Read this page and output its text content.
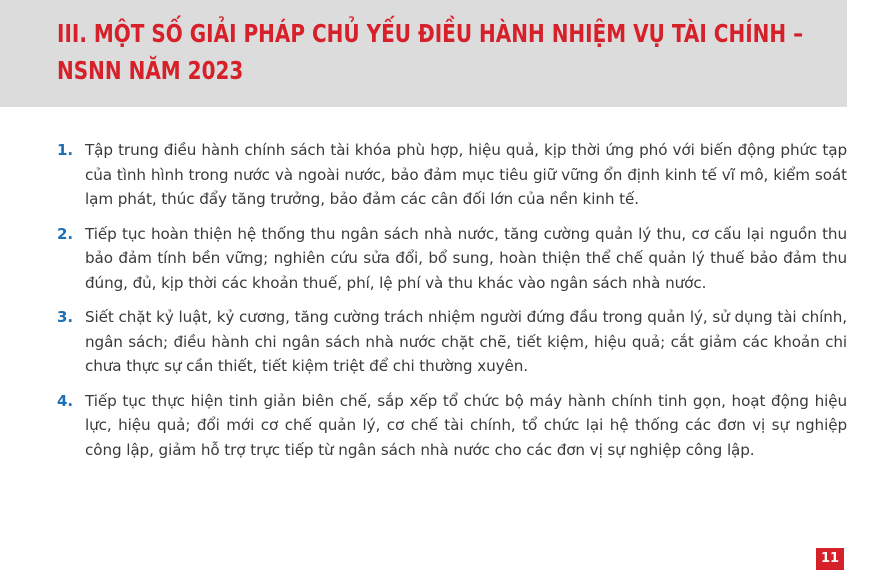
III. MỘT SỐ GIẢI PHÁP CHỦ YẾU ĐIỀU HÀNH NHIỆM VỤ TÀI CHÍNH – NSNN NĂM 2023
1. Tập trung điều hành chính sách tài khóa phù hợp, hiệu quả, kịp thời ứng phó với biến động phức tạp của tình hình trong nước và ngoài nước, bảo đảm mục tiêu giữ vững ổn định kinh tế vĩ mô, kiểm soát lạm phát, thúc đẩy tăng trưởng, bảo đảm các cân đối lớn của nền kinh tế.
2. Tiếp tục hoàn thiện hệ thống thu ngân sách nhà nước, tăng cường quản lý thu, cơ cấu lại nguồn thu bảo đảm tính bền vững; nghiên cứu sửa đổi, bổ sung, hoàn thiện thể chế quản lý thuế bảo đảm thu đúng, đủ, kịp thời các khoản thuế, phí, lệ phí và thu khác vào ngân sách nhà nước.
3. Siết chặt kỷ luật, kỷ cương, tăng cường trách nhiệm người đứng đầu trong quản lý, sử dụng tài chính, ngân sách; điều hành chi ngân sách nhà nước chặt chẽ, tiết kiệm, hiệu quả; cắt giảm các khoản chi chưa thực sự cần thiết, tiết kiệm triệt để chi thường xuyên.
4. Tiếp tục thực hiện tinh giản biên chế, sắp xếp tổ chức bộ máy hành chính tinh gọn, hoạt động hiệu lực, hiệu quả; đổi mới cơ chế quản lý, cơ chế tài chính, tổ chức lại hệ thống các đơn vị sự nghiệp công lập, giảm hỗ trợ trực tiếp từ ngân sách nhà nước cho các đơn vị sự nghiệp công lập.
11
